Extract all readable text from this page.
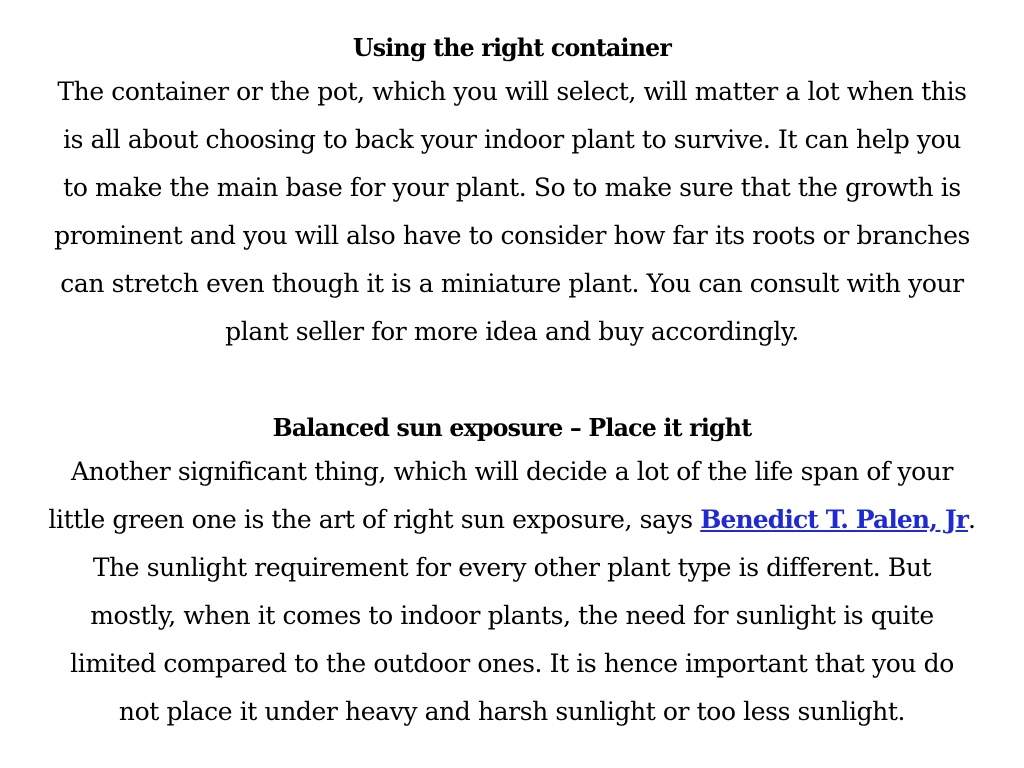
Using the right container
The container or the pot, which you will select, will matter a lot when this
is all about choosing to back your indoor plant to survive. It can help you
to make the main base for your plant. So to make sure that the growth is
prominent and you will also have to consider how far its roots or branches
can stretch even though it is a miniature plant. You can consult with your
plant seller for more idea and buy accordingly.
Balanced sun exposure – Place it right
Another significant thing, which will decide a lot of the life span of your
little green one is the art of right sun exposure, says Benedict T. Palen, Jr.
The sunlight requirement for every other plant type is different. But
mostly, when it comes to indoor plants, the need for sunlight is quite
limited compared to the outdoor ones. It is hence important that you do
not place it under heavy and harsh sunlight or too less sunlight.
